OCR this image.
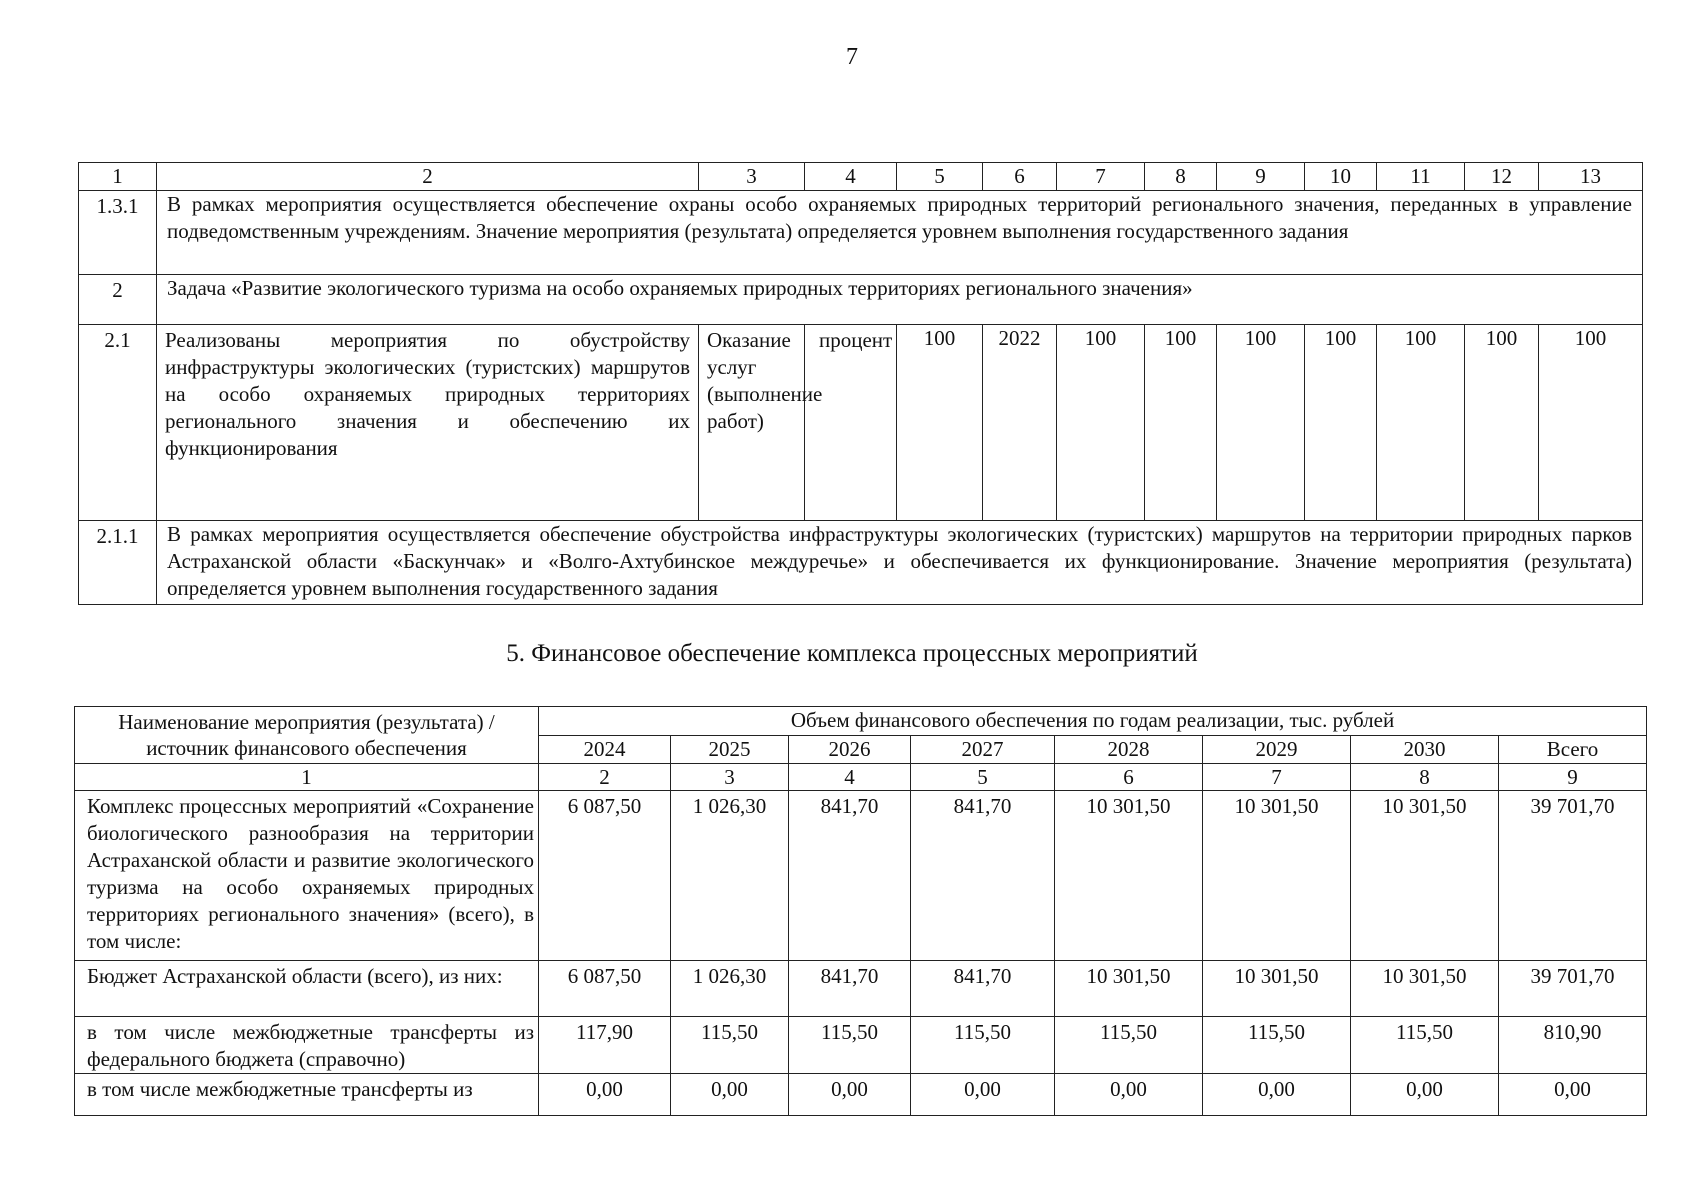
7
1	2	3	4	5	6	7	8	9	10	11	12	13
1.3.1	В рамках мероприятия осуществляется обеспечение охраны особо охраняемых природных территорий регионального значения, переданных в управление подведомственным учреждениям. Значение мероприятия (результата) определяется уровнем выполнения государственного задания											
2	Задача «Развитие экологического туризма на особо охраняемых природных территориях регионального значения»											
2.1	Реализованы мероприятия по обустройству инфраструктуры экологических (туристских) маршрутов на особо охраняемых природных территориях регионального значения и обеспечению их функционирования	Оказание услуг (выполнение работ)	процент	100	2022	100	100	100	100	100	100	100
2.1.1	В рамках мероприятия осуществляется обеспечение обустройства инфраструктуры экологических (туристских) маршрутов на территории природных парков Астраханской области «Баскунчак» и «Волго-Ахтубинское междуречье» и обеспечивается их функционирование. Значение мероприятия (результата) определяется уровнем выполнения государственного задания											
5. Финансовое обеспечение комплекса процессных мероприятий
Наименование мероприятия (результата) / источник финансового обеспечения	Объем финансового обеспечения по годам реализации, тыс. рублей							
	2024	2025	2026	2027	2028	2029	2030	Всего
1	2	3	4	5	6	7	8	9
Комплекс процессных мероприятий «Сохранение биологического разнообразия на территории Астраханской области и развитие экологического туризма на особо охраняемых природных территориях регионального значения» (всего), в том числе:	6 087,50	1 026,30	841,70	841,70	10 301,50	10 301,50	10 301,50	39 701,70
Бюджет Астраханской области (всего), из них:	6 087,50	1 026,30	841,70	841,70	10 301,50	10 301,50	10 301,50	39 701,70
в том числе межбюджетные трансферты из федерального бюджета (справочно)	117,90	115,50	115,50	115,50	115,50	115,50	115,50	810,90
в том числе межбюджетные трансферты из	0,00	0,00	0,00	0,00	0,00	0,00	0,00	0,00
